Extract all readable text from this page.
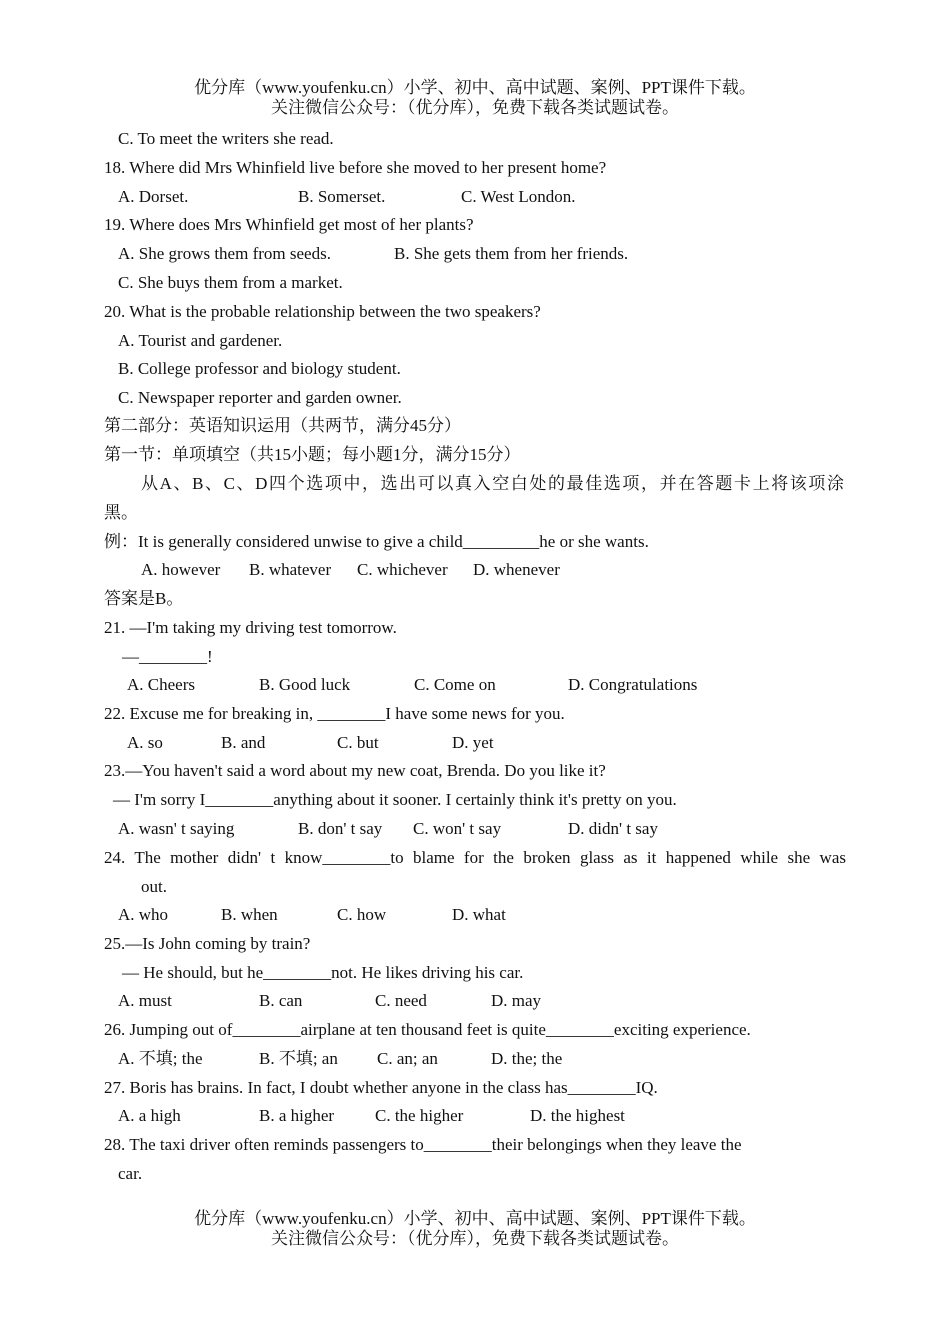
优分库（www.youfenku.cn）小学、初中、高中试题、案例、PPT课件下载。
关注微信公众号：（优分库），免费下载各类试题试卷。
C. To meet the writers she read.
18. Where did Mrs Whinfield live before she moved to her present home?
A. Dorset.	B. Somerset.	C. West London.
19. Where does Mrs Whinfield get most of her plants?
A. She grows them from seeds.	B. She gets them from her friends.
C. She buys them from a market.
20. What is the probable relationship between the two speakers?
A. Tourist and gardener.
B. College professor and biology student.
C. Newspaper reporter and garden owner.
第二部分：英语知识运用（共两节，满分45分）
第一节：单项填空（共15小题；每小题1分，满分15分）
从A、B、C、D四个选项中，选出可以真入空白处的最佳选项，并在答题卡上将该项涂
黑。
例：It is generally considered unwise to give a child_________he or she wants.
A. however B. whatever C. whichever D. whenever
答案是B。
21. —I'm taking my driving test tomorrow.
—________!
A. Cheers	B. Good luck	C. Come on	D. Congratulations
22. Excuse me for breaking in, ________I have some news for you.
A. so	B. and	C. but	D. yet
23.—You haven't said a word about my new coat, Brenda. Do you like it?
— I'm sorry I________anything about it sooner. I certainly think it's pretty on you.
A. wasn' t saying	B. don' t say C. won' t say	D. didn' t say
24. The mother didn' t know________to blame for the broken glass as it happened while she was
out.
A. who	B. when	C. how	D. what
25.—Is John coming by train?
— He should, but he________not. He likes driving his car.
A. must	B. can	C. need	D. may
26. Jumping out of________airplane at ten thousand feet is quite________exciting experience.
A. 不填; the	B. 不填; an C. an; an	D. the; the
27. Boris has brains. In fact, I doubt whether anyone in the class has________IQ.
A. a high	B. a higher C. the higher	D. the highest
28. The taxi driver often reminds passengers to________their belongings when they leave the
car.
优分库（www.youfenku.cn）小学、初中、高中试题、案例、PPT课件下载。
关注微信公众号：（优分库），免费下载各类试题试卷。
